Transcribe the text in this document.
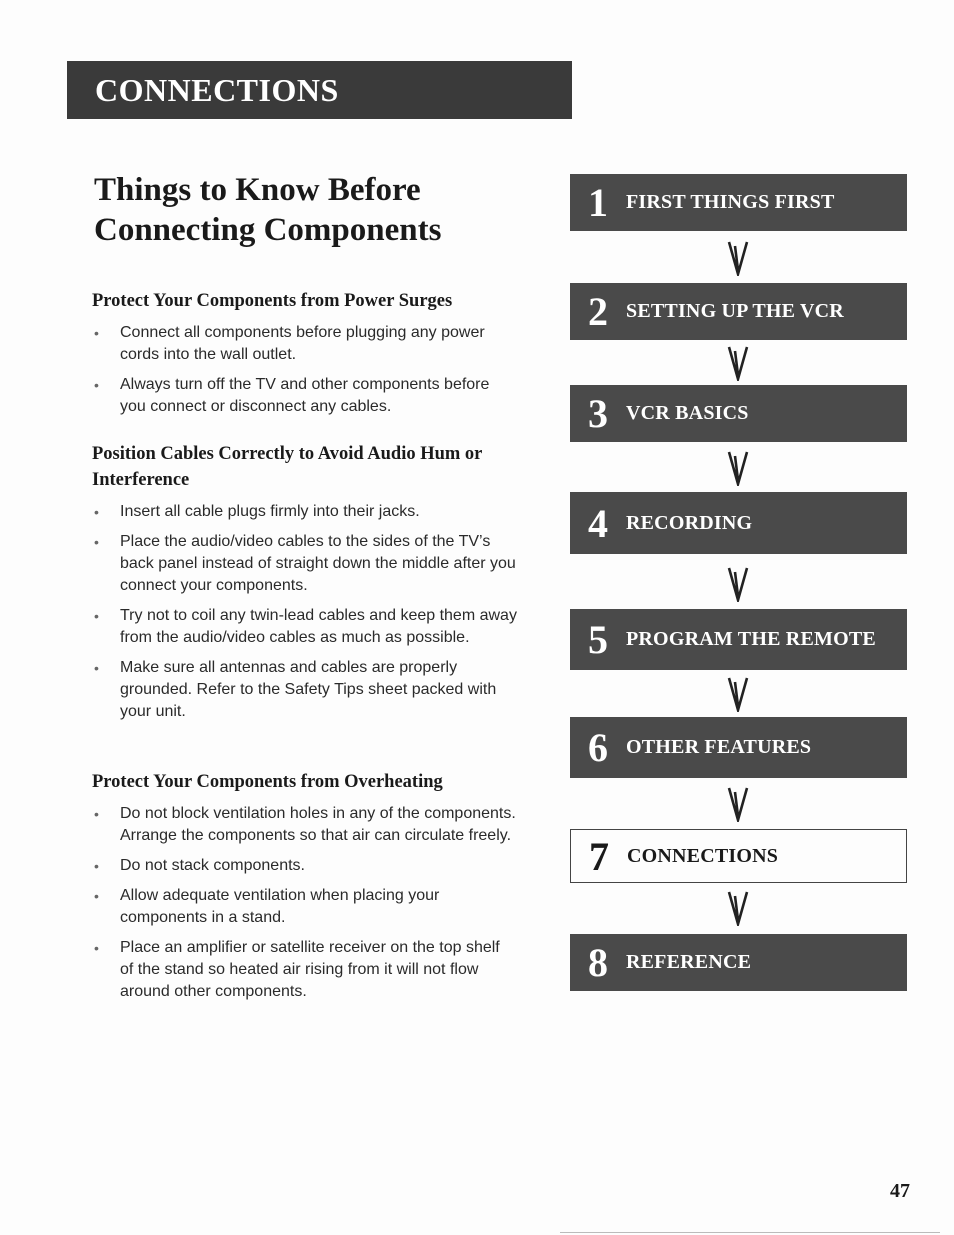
CONNECTIONS
Things to Know Before
Connecting Components
Protect Your Components from Power Surges
• Connect all components before plugging any power cords into the wall outlet.
• Always turn off the TV and other components before you connect or disconnect any cables.
Position Cables Correctly to Avoid Audio Hum or Interference
• Insert all cable plugs firmly into their jacks.
• Place the audio/video cables to the sides of the TV’s back panel instead of straight down the middle after you connect your components.
• Try not to coil any twin-lead cables and keep them away from the audio/video cables as much as possible.
• Make sure all antennas and cables are properly grounded. Refer to the Safety Tips sheet packed with your unit.
Protect Your Components from Overheating
• Do not block ventilation holes in any of the components. Arrange the components so that air can circulate freely.
• Do not stack components.
• Allow adequate ventilation when placing your components in a stand.
• Place an amplifier or satellite receiver on the top shelf of the stand so heated air rising from it will not flow around other components.
1 FIRST THINGS FIRST
2 SETTING UP THE VCR
3 VCR BASICS
4 RECORDING
5 PROGRAM THE REMOTE
6 OTHER FEATURES
7 CONNECTIONS
8 REFERENCE
47
